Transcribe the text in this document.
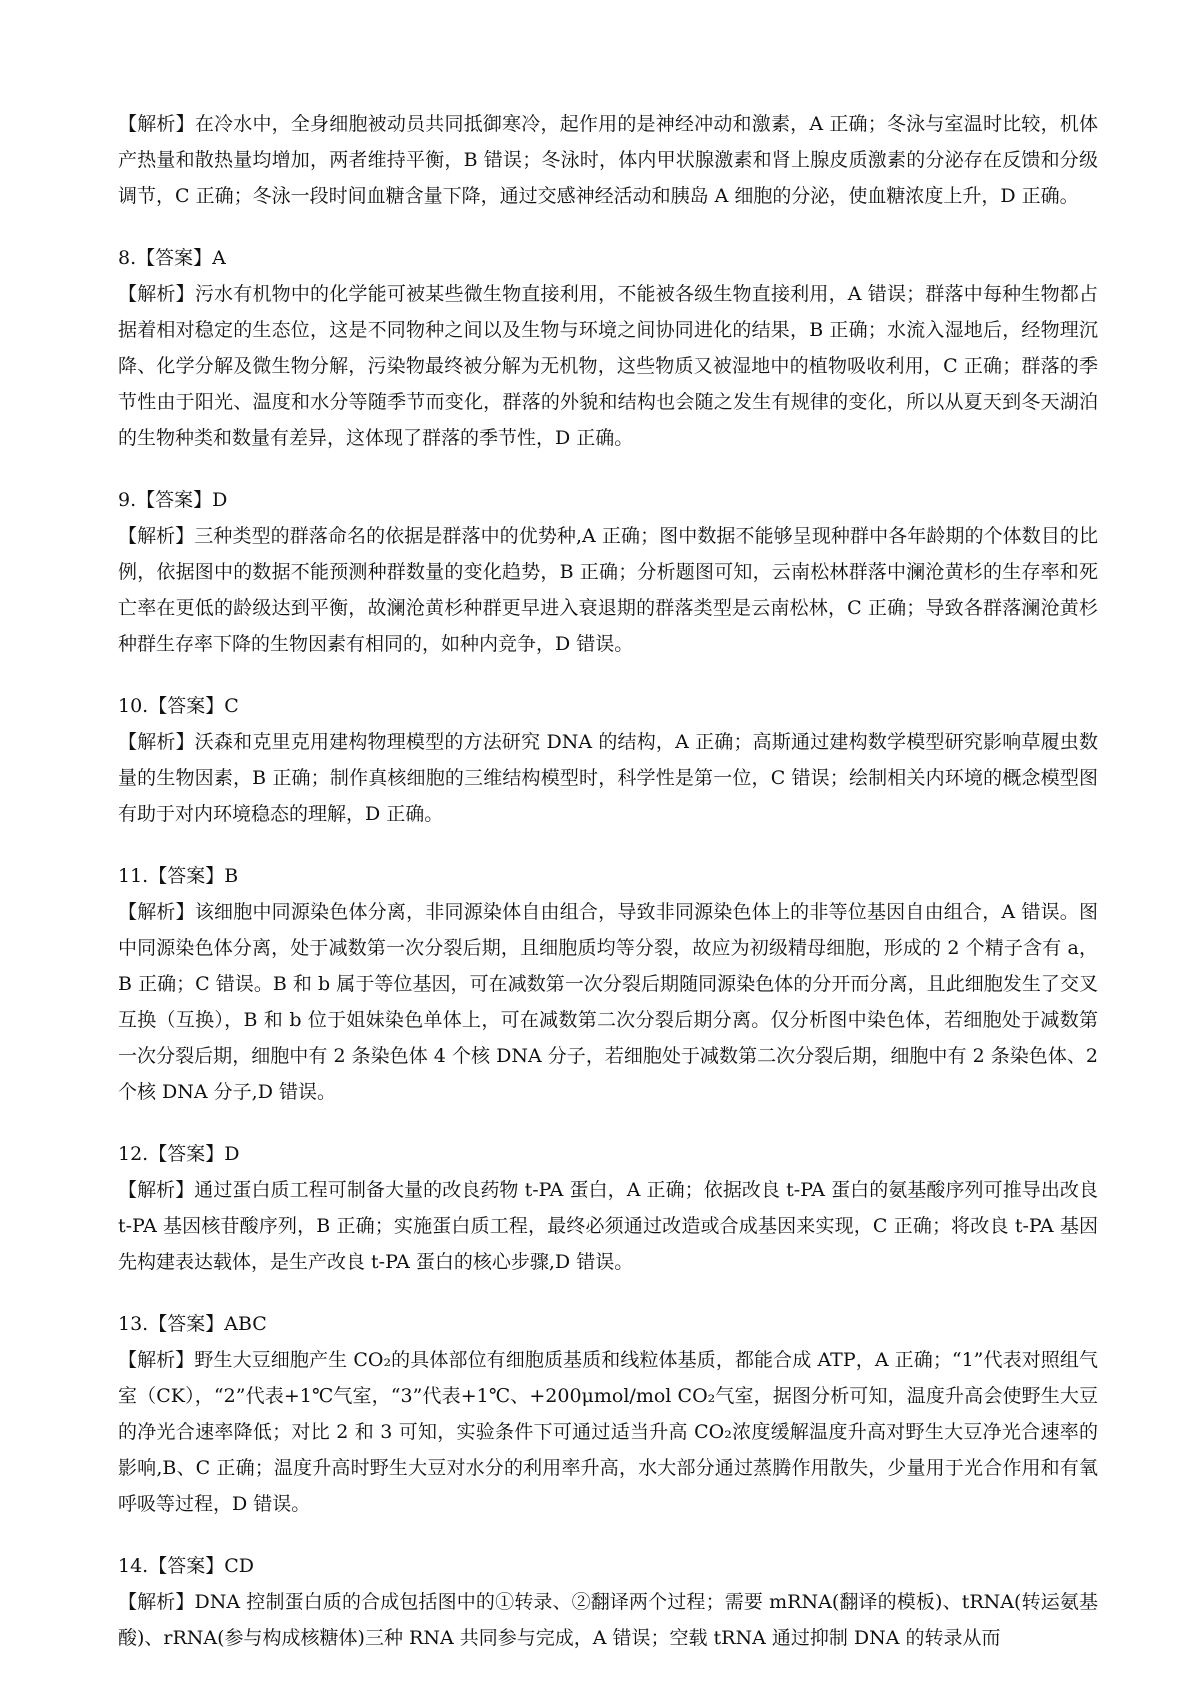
【解析】在冷水中，全身细胞被动员共同抵御寒冷，起作用的是神经冲动和激素，A 正确；冬泳与室温时比较，机体产热量和散热量均增加，两者维持平衡，B 错误；冬泳时，体内甲状腺激素和肾上腺皮质激素的分泌存在反馈和分级调节，C 正确；冬泳一段时间血糖含量下降，通过交感神经活动和胰岛 A 细胞的分泌，使血糖浓度上升，D 正确。

8.【答案】A

【解析】污水有机物中的化学能可被某些微生物直接利用，不能被各级生物直接利用，A 错误；群落中每种生物都占据着相对稳定的生态位，这是不同物种之间以及生物与环境之间协同进化的结果，B 正确；水流入湿地后，经物理沉降、化学分解及微生物分解，污染物最终被分解为无机物，这些物质又被湿地中的植物吸收利用，C 正确；群落的季节性由于阳光、温度和水分等随季节而变化，群落的外貌和结构也会随之发生有规律的变化，所以从夏天到冬天湖泊的生物种类和数量有差异，这体现了群落的季节性，D 正确。

9.【答案】D

【解析】三种类型的群落命名的依据是群落中的优势种,A 正确；图中数据不能够呈现种群中各年龄期的个体数目的比例，依据图中的数据不能预测种群数量的变化趋势，B 正确；分析题图可知，云南松林群落中澜沧黄杉的生存率和死亡率在更低的龄级达到平衡，故澜沧黄杉种群更早进入衰退期的群落类型是云南松林，C 正确；导致各群落澜沧黄杉种群生存率下降的生物因素有相同的，如种内竞争，D 错误。

10.【答案】C

【解析】沃森和克里克用建构物理模型的方法研究 DNA 的结构，A 正确；高斯通过建构数学模型研究影响草履虫数量的生物因素，B 正确；制作真核细胞的三维结构模型时，科学性是第一位，C 错误；绘制相关内环境的概念模型图有助于对内环境稳态的理解，D 正确。

11.【答案】B

【解析】该细胞中同源染色体分离，非同源染体自由组合，导致非同源染色体上的非等位基因自由组合，A 错误。图中同源染色体分离，处于减数第一次分裂后期，且细胞质均等分裂，故应为初级精母细胞，形成的 2 个精子含有 a，B 正确；C 错误。B 和 b 属于等位基因，可在减数第一次分裂后期随同源染色体的分开而分离，且此细胞发生了交叉互换（互换），B 和 b 位于姐妹染色单体上，可在减数第二次分裂后期分离。仅分析图中染色体，若细胞处于减数第一次分裂后期，细胞中有 2 条染色体 4 个核 DNA 分子，若细胞处于减数第二次分裂后期，细胞中有 2 条染色体、2 个核 DNA 分子,D 错误。

12.【答案】D

【解析】通过蛋白质工程可制备大量的改良药物 t-PA 蛋白，A 正确；依据改良 t-PA 蛋白的氨基酸序列可推导出改良 t-PA 基因核苷酸序列，B 正确；实施蛋白质工程，最终必须通过改造或合成基因来实现，C 正确；将改良 t-PA 基因先构建表达载体，是生产改良 t-PA 蛋白的核心步骤,D 错误。

13.【答案】ABC

【解析】野生大豆细胞产生 CO₂的具体部位有细胞质基质和线粒体基质，都能合成 ATP，A 正确；“1”代表对照组气室（CK），“2”代表+1℃气室，“3”代表+1℃、+200μmol/mol CO₂气室，据图分析可知，温度升高会使野生大豆的净光合速率降低；对比 2 和 3 可知，实验条件下可通过适当升高 CO₂浓度缓解温度升高对野生大豆净光合速率的影响,B、C 正确；温度升高时野生大豆对水分的利用率升高，水大部分通过蒸腾作用散失，少量用于光合作用和有氧呼吸等过程，D 错误。

14.【答案】CD

【解析】DNA 控制蛋白质的合成包括图中的①转录、②翻译两个过程；需要 mRNA(翻译的模板)、tRNA(转运氨基酸)、rRNA(参与构成核糖体)三种 RNA 共同参与完成，A 错误；空载 tRNA 通过抑制 DNA 的转录从而
